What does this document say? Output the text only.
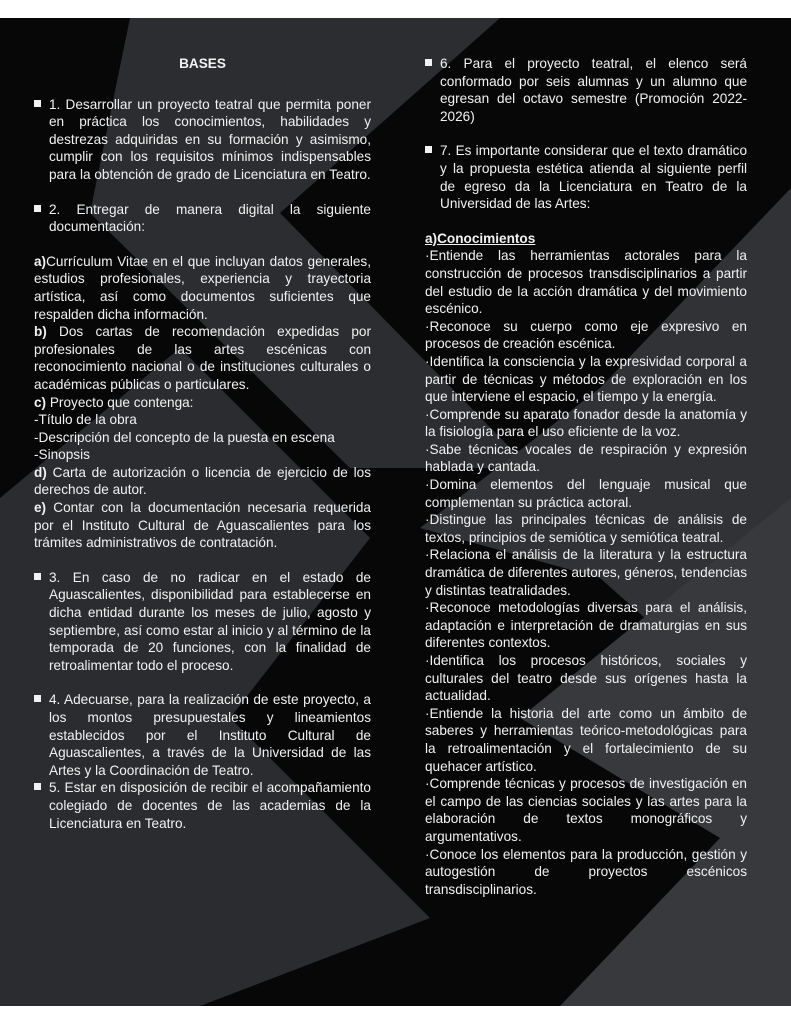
BASES
1. Desarrollar un proyecto teatral que permita poner en práctica los conocimientos, habilidades y destrezas adquiridas en su formación y asimismo, cumplir con los requisitos mínimos indispensables para la obtención de grado de Licenciatura en Teatro.
2. Entregar de manera digital la siguiente documentación:

a)Currículum Vitae en el que incluyan datos generales, estudios profesionales, experiencia y trayectoria artística, así como documentos suficientes que respalden dicha información.

b) Dos cartas de recomendación expedidas por profesionales de las artes escénicas con reconocimiento nacional o de instituciones culturales o académicas públicas o particulares.

c) Proyecto que contenga:

-Título de la obra

-Descripción del concepto de la puesta en escena

-Sinopsis

d) Carta de autorización o licencia de ejercicio de los derechos de autor.

e) Contar con la documentación necesaria requerida por el Instituto Cultural de Aguascalientes para los trámites administrativos de contratación.

3. En caso de no radicar en el estado de Aguascalientes, disponibilidad para establecerse en dicha entidad durante los meses de julio, agosto y septiembre, así como estar al inicio y al término de la temporada de 20 funciones, con la finalidad de retroalimentar todo el proceso.
4. Adecuarse, para la realización de este proyecto, a los montos presupuestales y lineamientos establecidos por el Instituto Cultural de Aguascalientes, a través de la Universidad de las Artes y la Coordinación de Teatro.
5. Estar en disposición de recibir el acompañamiento colegiado de docentes de las academias de la Licenciatura en Teatro.
6. Para el proyecto teatral, el elenco será conformado por seis alumnas y un alumno que egresan del octavo semestre (Promoción 2022-2026)
7. Es importante considerar que el texto dramático y la propuesta estética atienda al siguiente perfil de egreso da la Licenciatura en Teatro de la Universidad de las Artes:

a)Conocimientos

·Entiende las herramientas actorales para la construcción de procesos transdisciplinarios a partir del estudio de la acción dramática y del movimiento escénico.

·Reconoce su cuerpo como eje expresivo en procesos de creación escénica.

·Identifica la consciencia y la expresividad corporal a partir de técnicas y métodos de exploración en los que interviene el espacio, el tiempo y la energía.

·Comprende su aparato fonador desde la anatomía y la fisiología para el uso eficiente de la voz.

·Sabe técnicas vocales de respiración y expresión hablada y cantada.

·Domina elementos del lenguaje musical que complementan su práctica actoral.

·Distingue las principales técnicas de análisis de textos, principios de semiótica y semiótica teatral.

·Relaciona el análisis de la literatura y la estructura dramática de diferentes autores, géneros, tendencias y distintas teatralidades.

·Reconoce metodologías diversas para el análisis, adaptación e interpretación de dramaturgias en sus diferentes contextos.

·Identifica los procesos históricos, sociales y culturales del teatro desde sus orígenes hasta la actualidad.

·Entiende la historia del arte como un ámbito de saberes y herramientas teórico-metodológicas para la retroalimentación y el fortalecimiento de su quehacer artístico.

·Comprende técnicas y procesos de investigación en el campo de las ciencias sociales y las artes para la elaboración de textos monográficos y argumentativos.

·Conoce los elementos para la producción, gestión y autogestión de proyectos escénicos transdisciplinarios.
